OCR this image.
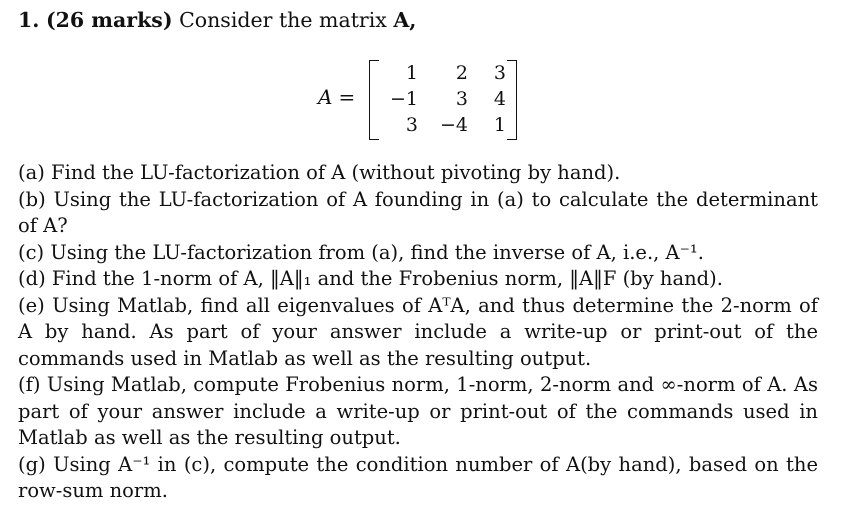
1. (26 marks) Consider the matrix A,
A =
1	2	3
−1	3	4
3	−4	1

(a) Find the LU-factorization of A (without pivoting by hand).

(b) Using the LU-factorization of A founding in (a) to calculate the determinant of A?

(c) Using the LU-factorization from (a), find the inverse of A, i.e., A⁻¹.

(d) Find the 1-norm of A, ‖A‖₁ and the Frobenius norm, ‖A‖F (by hand).

(e) Using Matlab, find all eigenvalues of AᵀA, and thus determine the 2-norm of A by hand. As part of your answer include a write-up or print-out of the commands used in Matlab as well as the resulting output.

(f) Using Matlab, compute Frobenius norm, 1-norm, 2-norm and ∞-norm of A. As part of your answer include a write-up or print-out of the commands used in Matlab as well as the resulting output.

(g) Using A⁻¹ in (c), compute the condition number of A(by hand), based on the row-sum norm.
